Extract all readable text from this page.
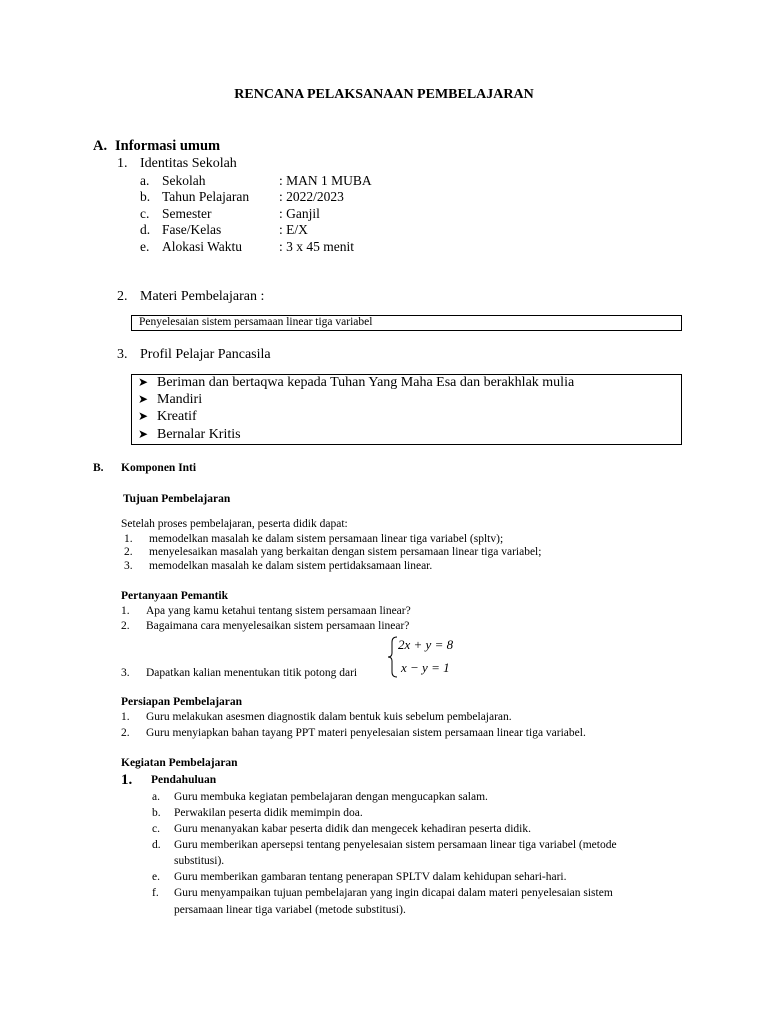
RENCANA PELAKSANAAN PEMBELAJARAN
A. Informasi umum
1. Identitas Sekolah
a. Sekolah	: MAN 1 MUBA
b. Tahun Pelajaran : 2022/2023
c. Semester	: Ganjil
d. Fase/Kelas	: E/X
e. Alokasi Waktu	: 3 x 45 menit
2. Materi Pembelajaran :
Penyelesaian sistem persamaan linear tiga variabel
3. Profil Pelajar Pancasila
➤ Beriman dan bertaqwa kepada Tuhan Yang Maha Esa dan berakhlak mulia
➤ Mandiri
➤ Kreatif
➤ Bernalar Kritis
B. Komponen Inti
Tujuan Pembelajaran
Setelah proses pembelajaran, peserta didik dapat:
1. memodelkan masalah ke dalam sistem persamaan linear tiga variabel (spltv);
2. menyelesaikan masalah yang berkaitan dengan sistem persamaan linear tiga variabel;
3. memodelkan masalah ke dalam sistem pertidaksamaan linear.
Pertanyaan Pemantik
1. Apa yang kamu ketahui tentang sistem persamaan linear?
2. Bagaimana cara menyelesaikan sistem persamaan linear?
3. Dapatkan kalian menentukan titik potong dari
2x + y = 8
x − y = 1
Persiapan Pembelajaran
1. Guru melakukan asesmen diagnostik dalam bentuk kuis sebelum pembelajaran.
2. Guru menyiapkan bahan tayang PPT materi penyelesaian sistem persamaan linear tiga variabel.
Kegiatan Pembelajaran
1. Pendahuluan
a. Guru membuka kegiatan pembelajaran dengan mengucapkan salam.
b. Perwakilan peserta didik memimpin doa.
c. Guru menanyakan kabar peserta didik dan mengecek kehadiran peserta didik.
d. Guru memberikan apersepsi tentang penyelesaian sistem persamaan linear tiga variabel (metode
substitusi).
e. Guru memberikan gambaran tentang penerapan SPLTV dalam kehidupan sehari-hari.
f. Guru menyampaikan tujuan pembelajaran yang ingin dicapai dalam materi penyelesaian sistem
persamaan linear tiga variabel (metode substitusi).
